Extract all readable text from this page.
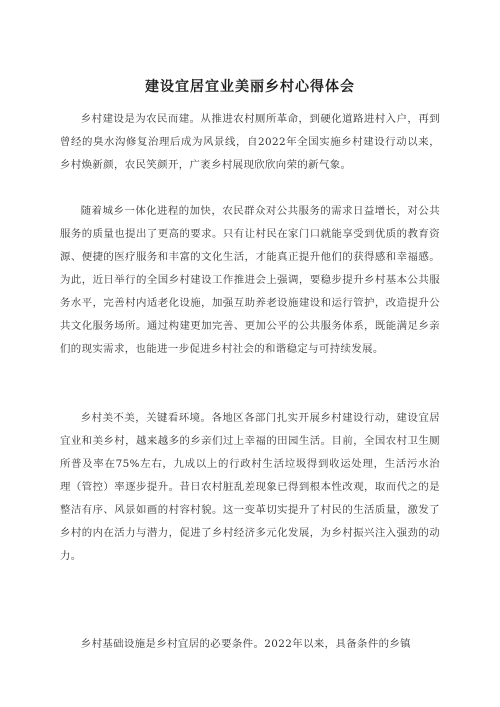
建设宜居宜业美丽乡村心得体会

乡村建设是为农民而建。从推进农村厕所革命，到硬化道路进村入户，再到曾经的臭水沟修复治理后成为风景线，自2022年全国实施乡村建设行动以来，乡村焕新颜，农民笑颜开，广袤乡村展现欣欣向荣的新气象。

随着城乡一体化进程的加快，农民群众对公共服务的需求日益增长，对公共服务的质量也提出了更高的要求。只有让村民在家门口就能享受到优质的教育资源、便捷的医疗服务和丰富的文化生活，才能真正提升他们的获得感和幸福感。为此，近日举行的全国乡村建设工作推进会上强调，要稳步提升乡村基本公共服务水平，完善村内适老化设施，加强互助养老设施建设和运行管护，改造提升公共文化服务场所。通过构建更加完善、更加公平的公共服务体系，既能满足乡亲们的现实需求，也能进一步促进乡村社会的和谐稳定与可持续发展。

乡村美不美，关键看环境。各地区各部门扎实开展乡村建设行动，建设宜居宜业和美乡村，越来越多的乡亲们过上幸福的田园生活。目前，全国农村卫生厕所普及率在75%左右，九成以上的行政村生活垃圾得到收运处理，生活污水治理（管控）率逐步提升。昔日农村脏乱差现象已得到根本性改观，取而代之的是整洁有序、风景如画的村容村貌。这一变革切实提升了村民的生活质量，激发了乡村的内在活力与潜力，促进了乡村经济多元化发展，为乡村振兴注入强劲的动力。

乡村基础设施是乡村宜居的必要条件。2022年以来，具备条件的乡镇
